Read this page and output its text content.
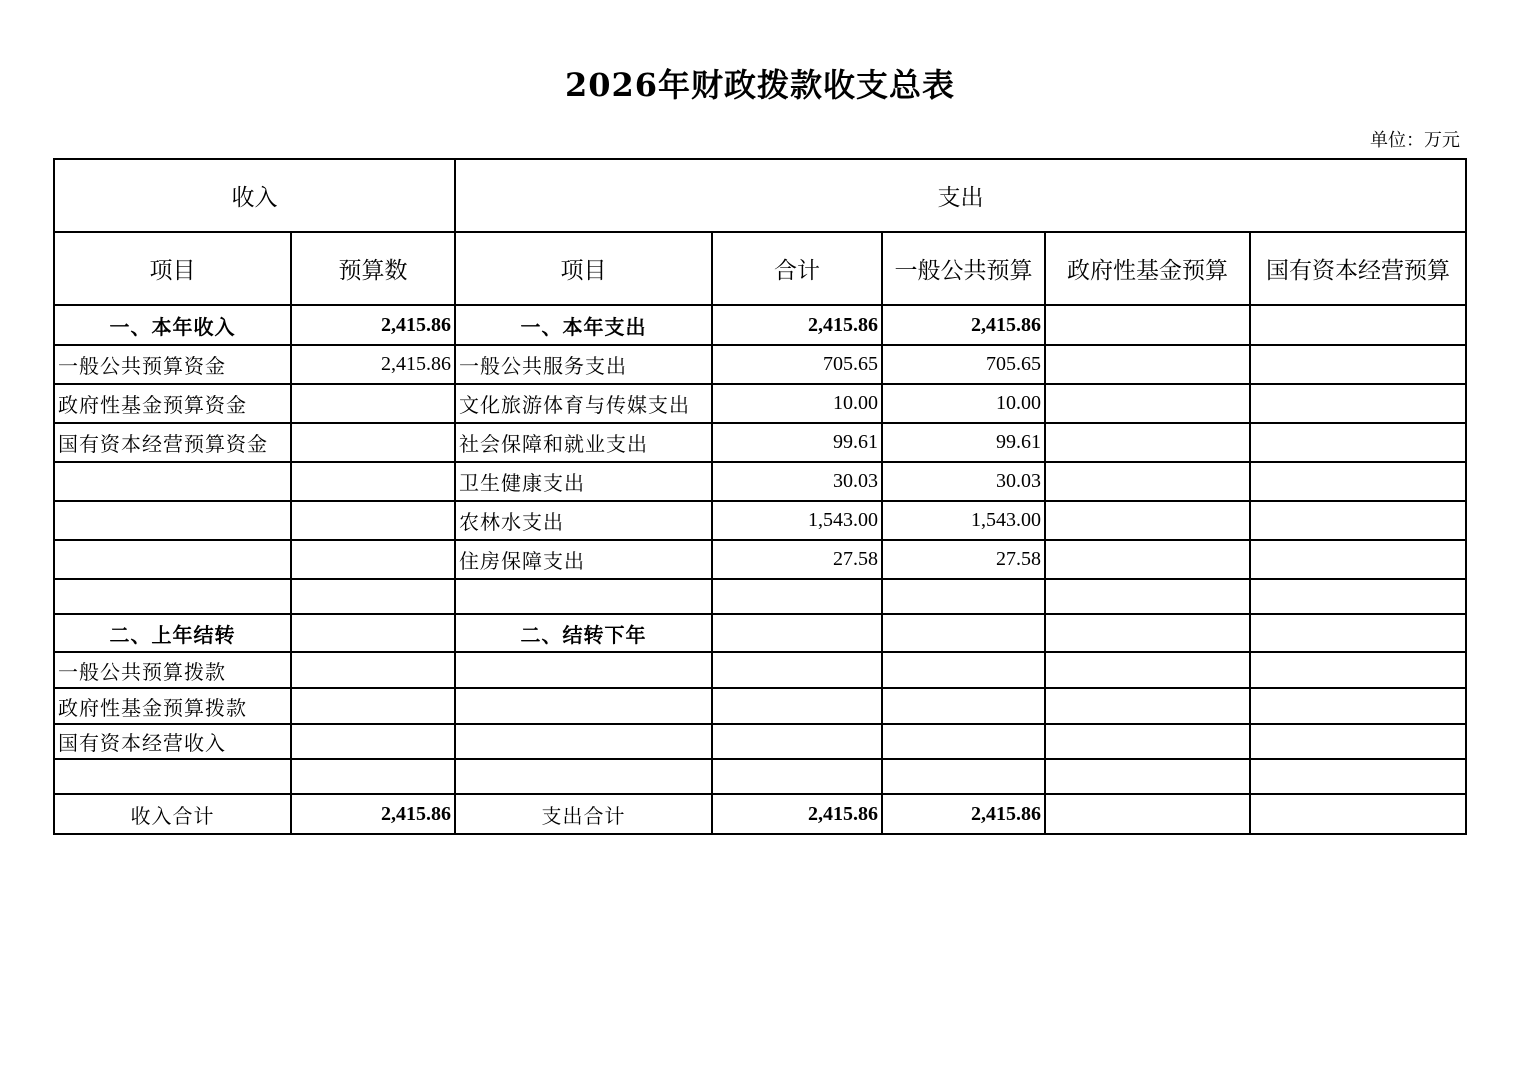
2026年财政拨款收支总表
单位：万元
收入		支出				
项目	预算数	项目	合计	一般公共预算	政府性基金预算	国有资本经营预算
一、本年收入	2,415.86	一、本年支出	2,415.86	2,415.86		
一般公共预算资金	2,415.86	一般公共服务支出	705.65	705.65		
政府性基金预算资金		文化旅游体育与传媒支出	10.00	10.00		
国有资本经营预算资金		社会保障和就业支出	99.61	99.61		
		卫生健康支出	30.03	30.03		
		农林水支出	1,543.00	1,543.00		
		住房保障支出	27.58	27.58		

二、上年结转		二、结转下年				
一般公共预算拨款						
政府性基金预算拨款						
国有资本经营收入						

收入合计	2,415.86	支出合计	2,415.86	2,415.86		
